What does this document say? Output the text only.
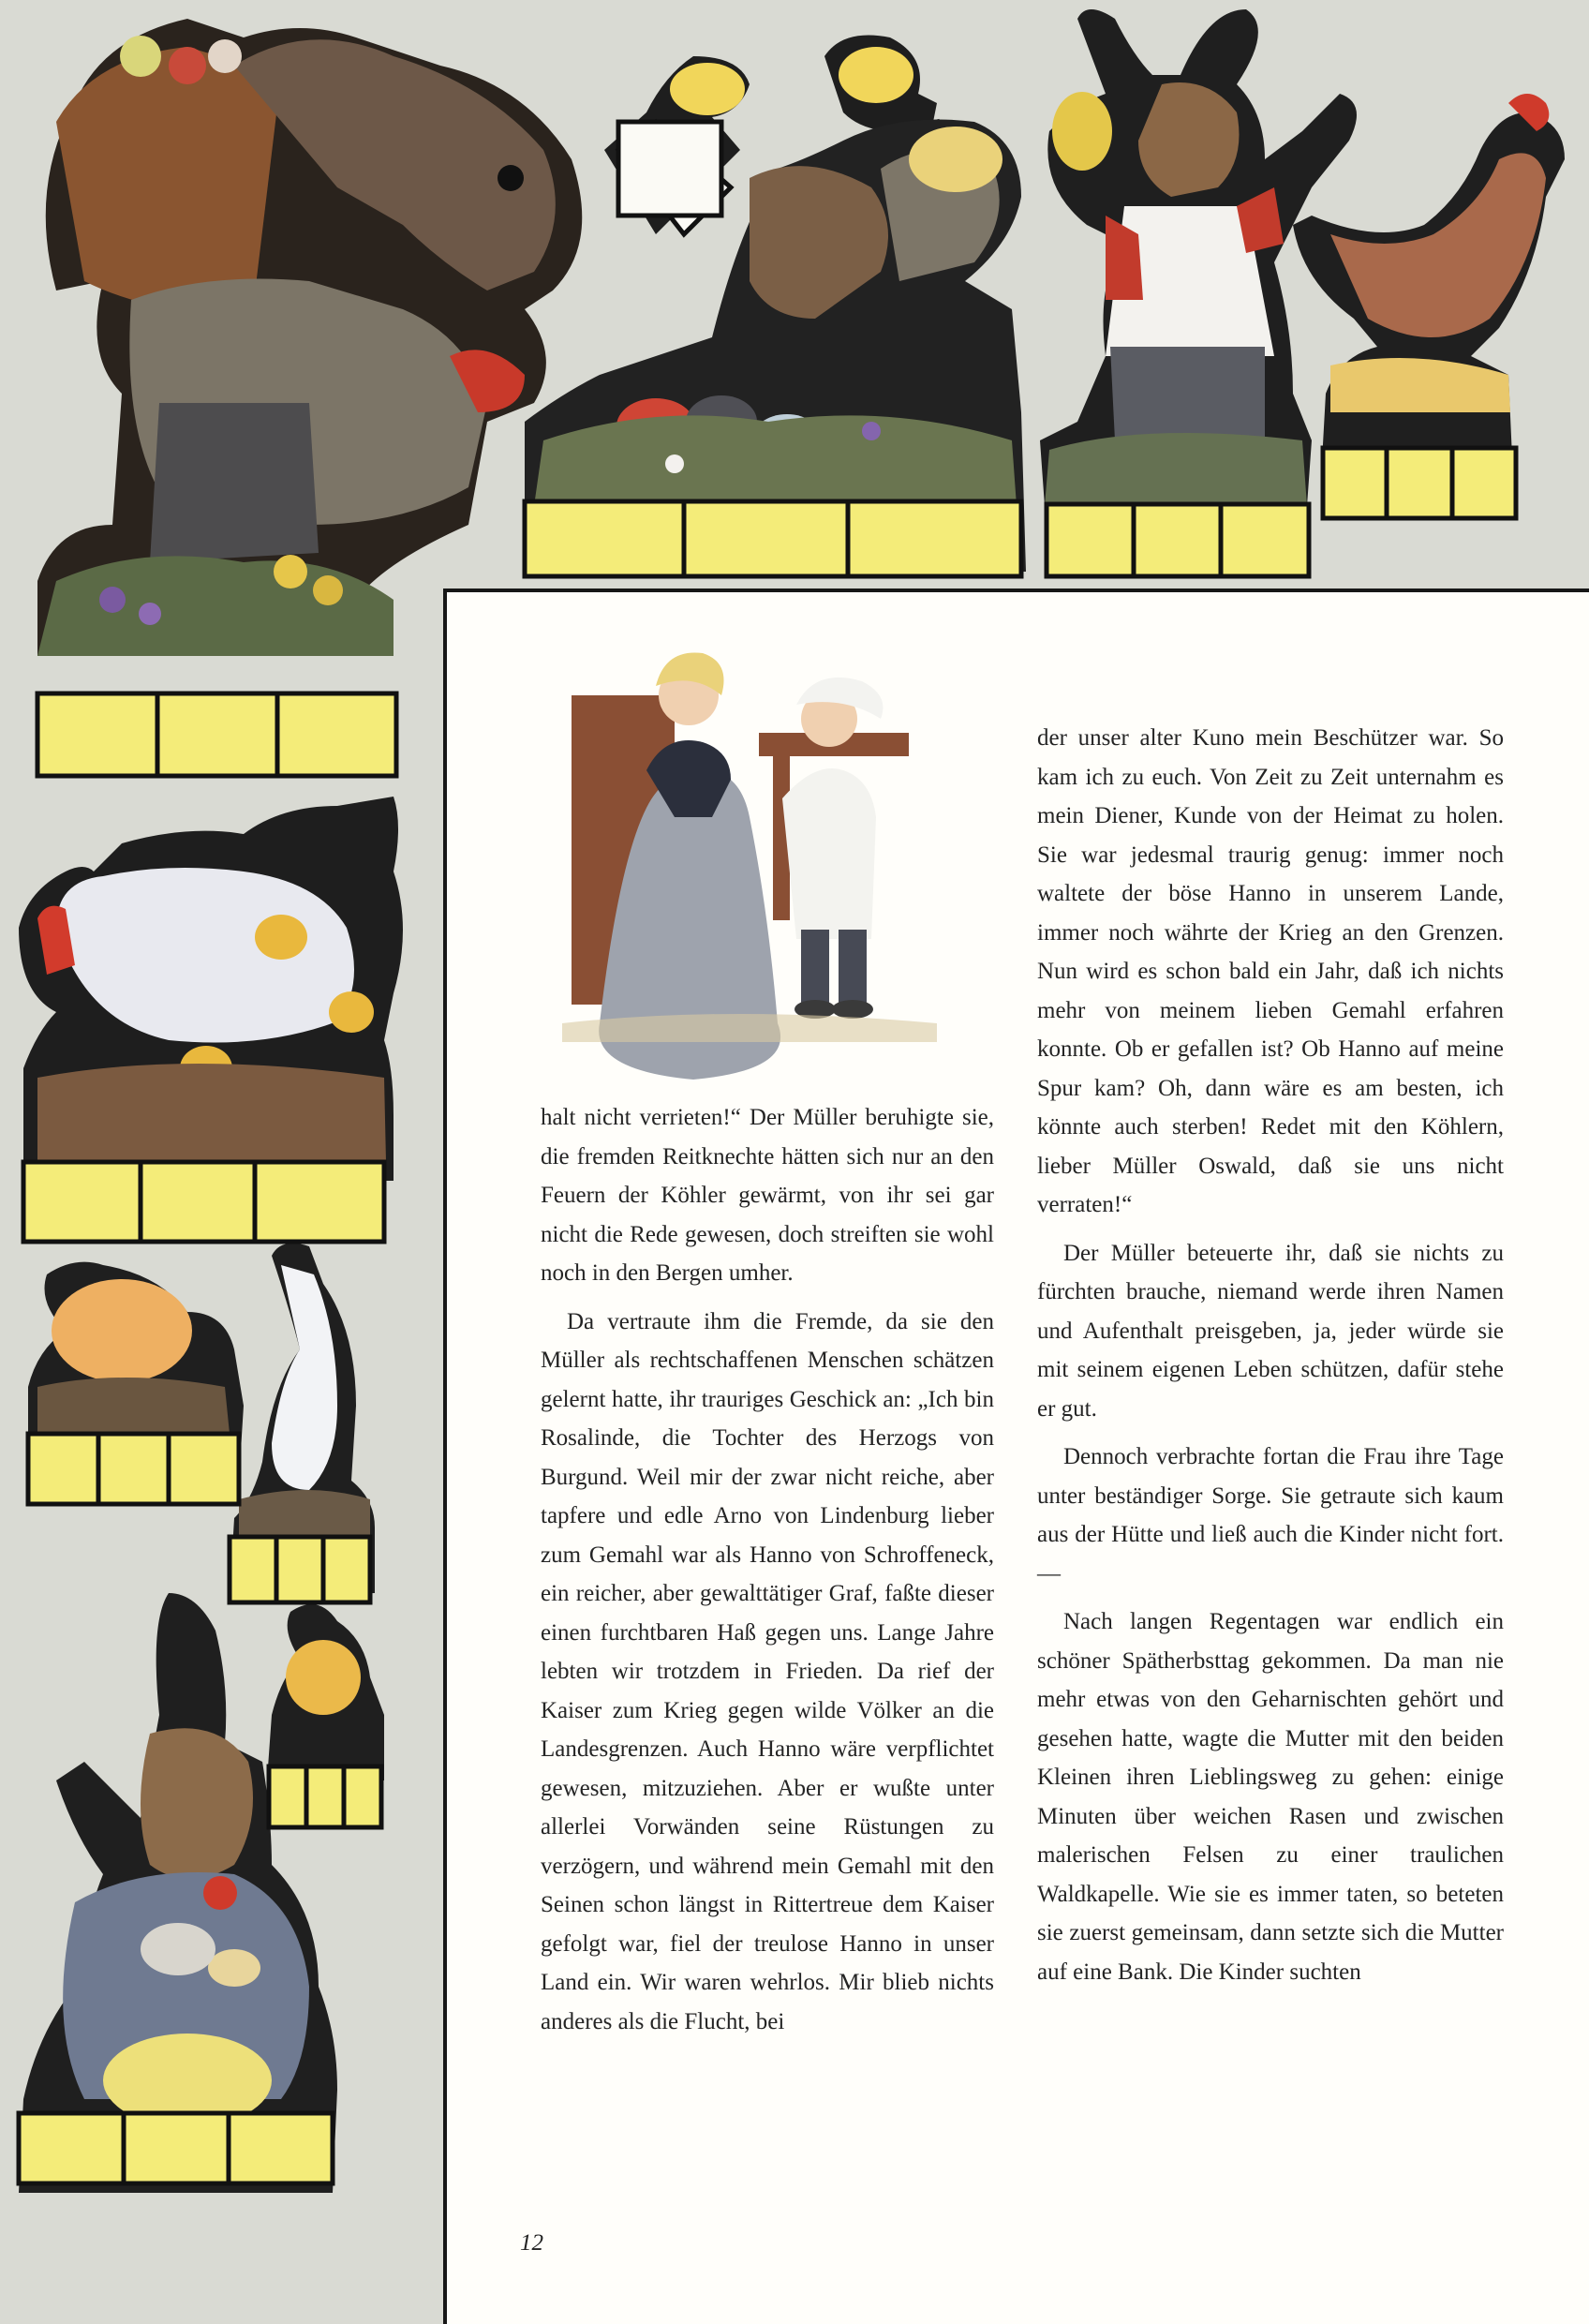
halt nicht verrieten!“ Der Müller beruhigte sie, die fremden Reitknechte hätten sich nur an den Feuern der Köhler gewärmt, von ihr sei gar nicht die Rede gewesen, doch streiften sie wohl noch in den Bergen umher.

Da vertraute ihm die Fremde, da sie den Müller als rechtschaffenen Menschen schätzen gelernt hatte, ihr trauriges Geschick an: „Ich bin Rosalinde, die Tochter des Herzogs von Burgund. Weil mir der zwar nicht reiche, aber tapfere und edle Arno von Lindenburg lieber zum Gemahl war als Hanno von Schroffeneck, ein reicher, aber gewalttätiger Graf, faßte dieser einen furchtbaren Haß gegen uns. Lange Jahre lebten wir trotzdem in Frieden. Da rief der Kaiser zum Krieg gegen wilde Völker an die Landesgrenzen. Auch Hanno wäre verpflichtet gewesen, mitzuziehen. Aber er wußte unter allerlei Vorwänden seine Rüstungen zu verzögern, und während mein Gemahl mit den Seinen schon längst in Rittertreue dem Kaiser gefolgt war, fiel der treulose Hanno in unser Land ein. Wir waren wehrlos. Mir blieb nichts anderes als die Flucht, bei

der unser alter Kuno mein Beschützer war. So kam ich zu euch. Von Zeit zu Zeit unternahm es mein Diener, Kunde von der Heimat zu holen. Sie war jedesmal traurig genug: immer noch waltete der böse Hanno in unserem Lande, immer noch währte der Krieg an den Grenzen. Nun wird es schon bald ein Jahr, daß ich nichts mehr von meinem lieben Gemahl erfahren konnte. Ob er gefallen ist? Ob Hanno auf meine Spur kam? Oh, dann wäre es am besten, ich könnte auch sterben! Redet mit den Köhlern, lieber Müller Oswald, daß sie uns nicht verraten!“

Der Müller beteuerte ihr, daß sie nichts zu fürchten brauche, niemand werde ihren Namen und Aufenthalt preisgeben, ja, jeder würde sie mit seinem eigenen Leben schützen, dafür stehe er gut.

Dennoch verbrachte fortan die Frau ihre Tage unter beständiger Sorge. Sie getraute sich kaum aus der Hütte und ließ auch die Kinder nicht fort. —

Nach langen Regentagen war endlich ein schöner Spätherbsttag gekommen. Da man nie mehr etwas von den Geharnischten gehört und gesehen hatte, wagte die Mutter mit den beiden Kleinen ihren Lieblingsweg zu gehen: einige Minuten über weichen Rasen und zwischen malerischen Felsen zu einer traulichen Waldkapelle. Wie sie es immer taten, so beteten sie zuerst gemeinsam, dann setzte sich die Mutter auf eine Bank. Die Kinder suchten

12
